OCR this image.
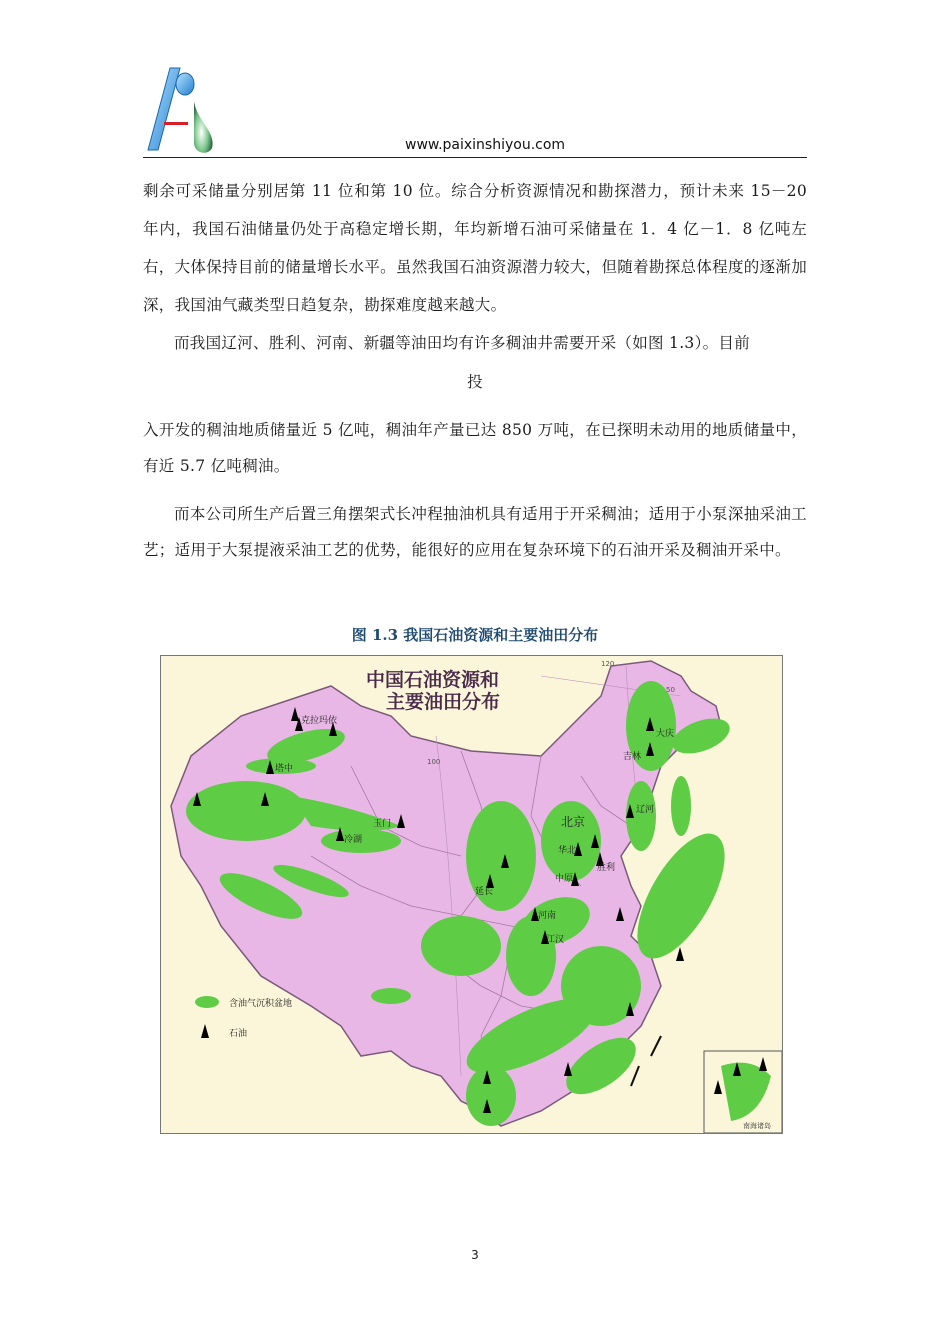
www.paixinshiyou.com
剩余可采储量分别居第 11 位和第 10 位。综合分析资源情况和勘探潜力，预计未来 15－20 年内，我国石油储量仍处于高稳定增长期，年均新增石油可采储量在 1．4 亿－1．8 亿吨左右，大体保持目前的储量增长水平。虽然我国石油资源潜力较大，但随着勘探总体程度的逐渐加深，我国油气藏类型日趋复杂，勘探难度越来越大。
而我国辽河、胜利、河南、新疆等油田均有许多稠油井需要开采（如图 1.3）。目前
投
入开发的稠油地质储量近 5 亿吨，稠油年产量已达 850 万吨，在已探明未动用的地质储量中，有近 5.7 亿吨稠油。
而本公司所生产后置三角摆架式长冲程抽油机具有适用于开采稠油；适用于小泵深抽采油工艺；适用于大泵提液采油工艺的优势，能很好的应用在复杂环境下的石油开采及稠油开采中。
图 1.3 我国石油资源和主要油田分布
南海诸岛
中国石油资源和
主要油田分布
120
50
100
克拉玛依
塔中
玉门
冷湖
延长
北京
华北
胜利
中原
河南
江汉
大庆
吉林
辽河
含油气沉积盆地
石油
3
